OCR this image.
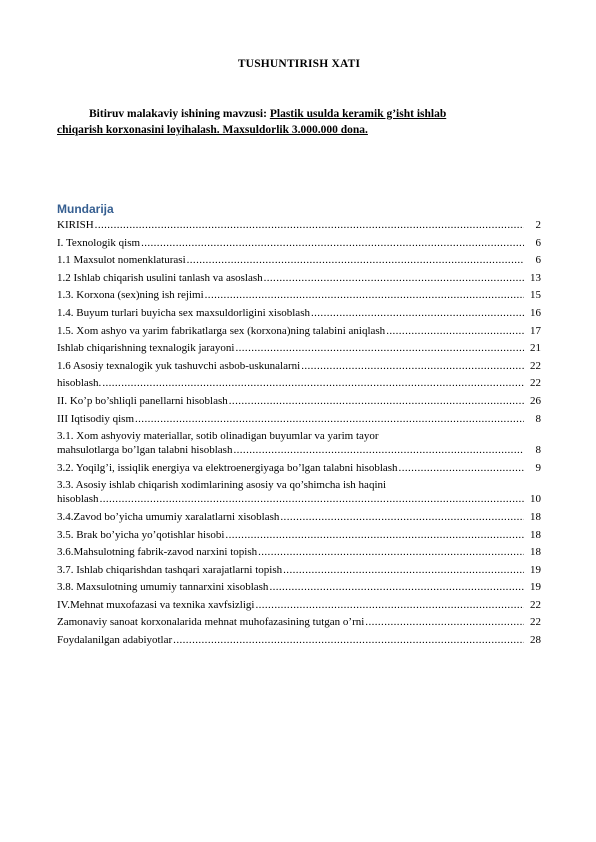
TUSHUNTIRISH XATI
Bitiruv malakaviy ishining mavzusi: Plastik usulda keramik g’isht ishlab
chiqarish korxonasini loyihalash. Maxsuldorlik 3.000.000 dona.
Mundarija
KIRISH .....	2
I. Texnologik qism .....	6
1.1 Maxsulot nomenklaturasi .....	6
1.2 Ishlab chiqarish usulini tanlash va asoslash .....	13
1.3. Korxona (sex)ning ish rejimi .....	15
1.4. Buyum turlari buyicha sex maxsuldorligini xisoblash .....	16
1.5. Xom ashyo va yarim fabrikatlarga sex (korxona)ning talabini aniqlash .....	17
Ishlab chiqarishning texnalogik jarayoni .....	21
1.6 Asosiy texnalogik yuk tashuvchi asbob-uskunalarni .....	22
hisoblash. .....	22
II. Ko’p bo’shliqli panellarni hisoblash .....	26
III Iqtisodiy qism .....	8
3.1. Xom ashyoviy materiallar, sotib olinadigan buyumlar va yarim tayor
mahsulotlarga bo’lgan talabni hisoblash .....	8
3.2. Yoqilg’i, issiqlik energiya va elektroenergiyaga bo’lgan talabni hisoblash .....	9
3.3. Asosiy ishlab chiqarish xodimlarining asosiy va qo’shimcha ish haqini
hisoblash .....	10
3.4.Zavod bo’yicha umumiy xaralatlarni xisoblash .....	18
3.5. Brak bo’yicha yo’qotishlar hisobi .....	18
3.6.Mahsulotning fabrik-zavod narxini topish .....	18
3.7. Ishlab chiqarishdan tashqari xarajatlarni topish .....	19
3.8. Maxsulotning umumiy tannarxini xisoblash .....	19
IV.Mehnat muxofazasi va texnika xavfsizligi .....	22
Zamonaviy sanoat korxonalarida mehnat muhofazasining tutgan o’rni .....	22
Foydalanilgan adabiyotlar .....	28
